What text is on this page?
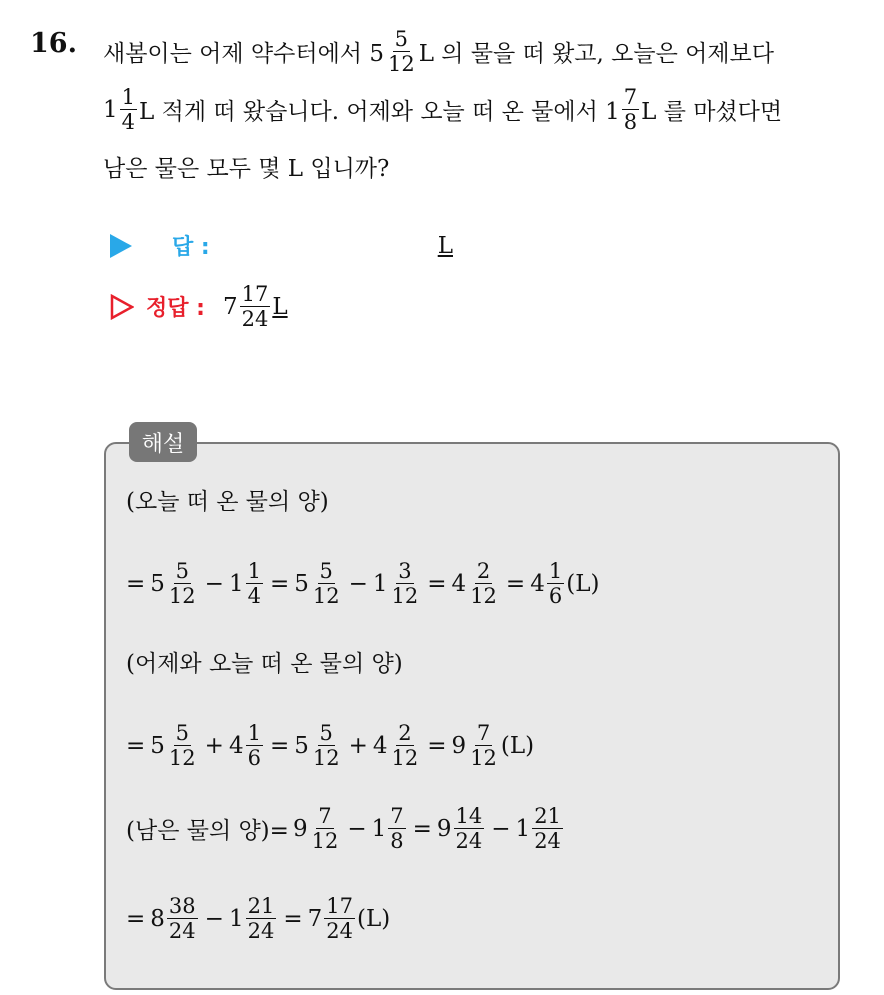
16. 새봄이는 어제 약수터에서 $5 \frac{5}{12}$ L 의 물을 떠 왔고, 오늘은 어제보다
$1 \frac{1}{4}$ L 적게 떠 왔습니다. 어제와 오늘 떠 온 물에서 $1 \frac{7}{8}$ L 를 마셨다면
남은 물은 모두 몇 L 입니까?
답 :	L
정답 : $7 \frac{17}{24}$ L
해설
(오늘 떠 온 물의 양)
= $5 \frac{5}{12} - 1 \frac{1}{4} = 5 \frac{5}{12} - 1 \frac{3}{12} = 4 \frac{2}{12} = 4 \frac{1}{6} (L)$
(어제와 오늘 떠 온 물의 양)
= $5 \frac{5}{12} + 4 \frac{1}{6} = 5 \frac{5}{12} + 4 \frac{2}{12} = 9 \frac{7}{12} (L)$
(남은 물의 양)= $9 \frac{7}{12} - 1 \frac{7}{8} = 9 \frac{14}{24} - 1 \frac{21}{24}$
= $8 \frac{38}{24} - 1 \frac{21}{24} = 7 \frac{17}{24} (L)$
